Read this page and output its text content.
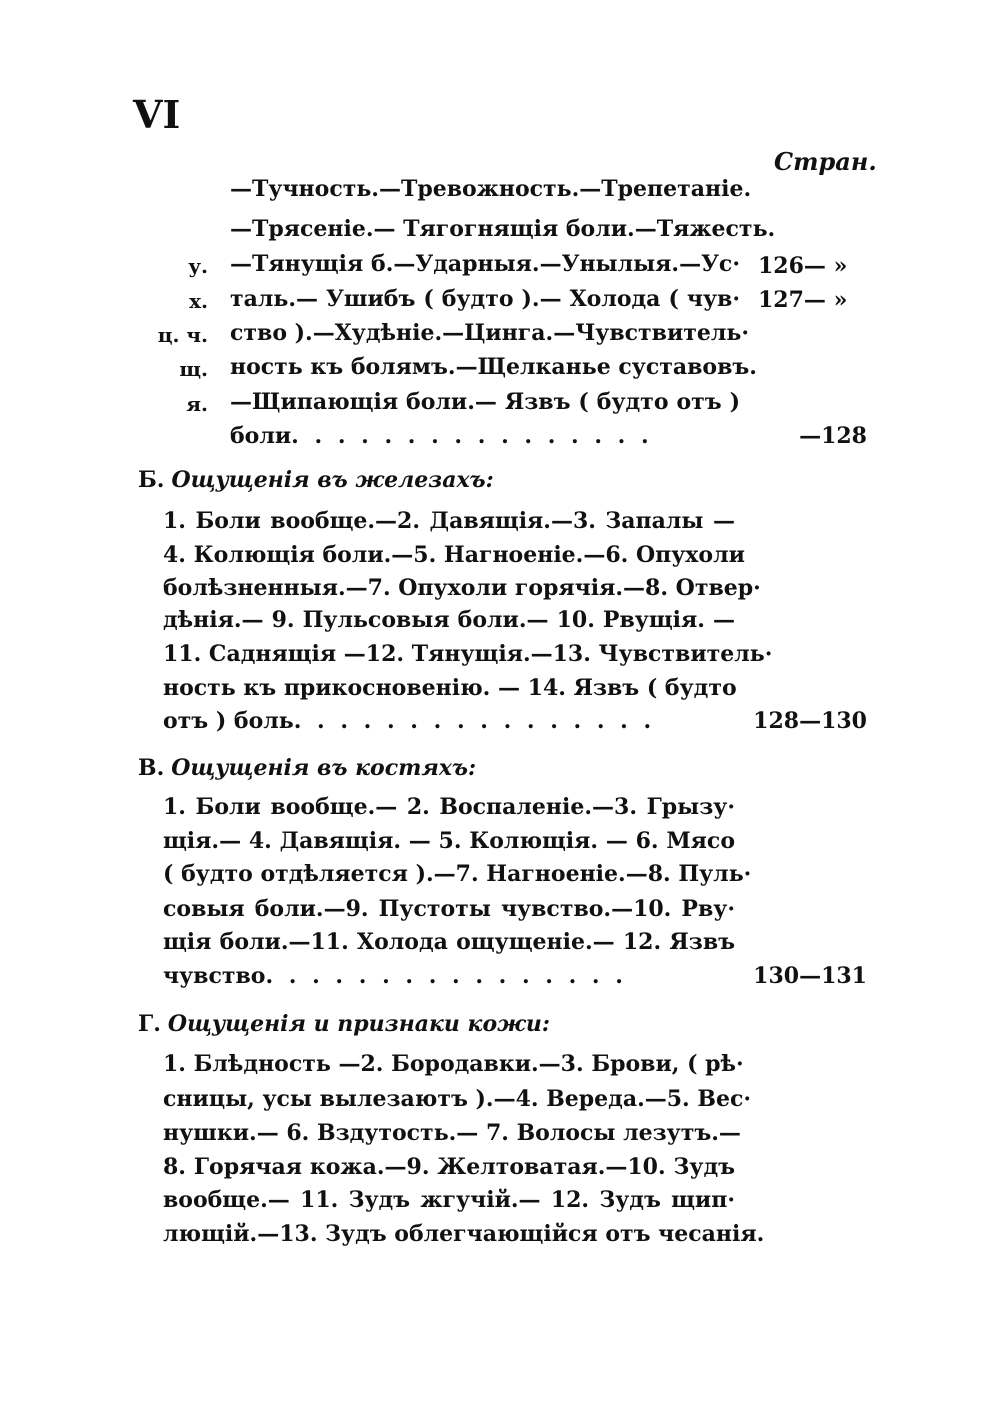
VI
Стран.
—Тучность.—Тревожность.—Трепетаніе.
—Трясеніе.— Тягогнящія боли.—Тяжесть.
—Тянущія б.—Ударныя.—Унылыя.—Ус·
таль.— Ушибъ ( будто ).— Холода ( чув·
ство ).—Худѣніе.—Цинга.—Чувствитель·
ность къ болямъ.—Щелканье суставовъ.
—Щипающія боли.— Язвъ ( будто отъ )
боли. . . . . . . . . . . . . . . .
у.
х.
ц. ч.
щ.
я.
126— »
127— »
—128
Б. Ощущенія въ железахъ:
1. Боли вообще.—2. Давящія.—3. Запалы —
4. Колющія боли.—5. Нагноеніе.—6. Опухоли
болѣзненныя.—7. Опухоли горячія.—8. Отвер·
дѣнія.— 9. Пульсовыя боли.— 10. Рвущія. —
11. Саднящія —12. Тянущія.—13. Чувствитель·
ность къ прикосновенію. — 14. Язвъ ( будто
отъ ) боль. . . . . . . . . . . . . . . .	128—130
В. Ощущенія въ костяхъ:
1. Боли вообще.— 2. Воспаленіе.—3. Грызу·
щія.— 4. Давящія. — 5. Колющія. — 6. Мясо
( будто отдѣляется ).—7. Нагноеніе.—8. Пуль·
совыя боли.—9. Пустоты чувство.—10. Рву·
щія боли.—11. Холода ощущеніе.— 12. Язвъ
чувство. . . . . . . . . . . . . . . .	130—131
Г. Ощущенія и признаки кожи:
1. Блѣдность —2. Бородавки.—3. Брови, ( рѣ·
сницы, усы вылезаютъ ).—4. Вереда.—5. Вес·
нушки.— 6. Вздутость.— 7. Волосы лезутъ.—
8. Горячая кожа.—9. Желтоватая.—10. Зудъ
вообще.— 11. Зудъ жгучій.— 12. Зудъ щип·
лющій.—13. Зудъ облегчающійся отъ чесанія.
